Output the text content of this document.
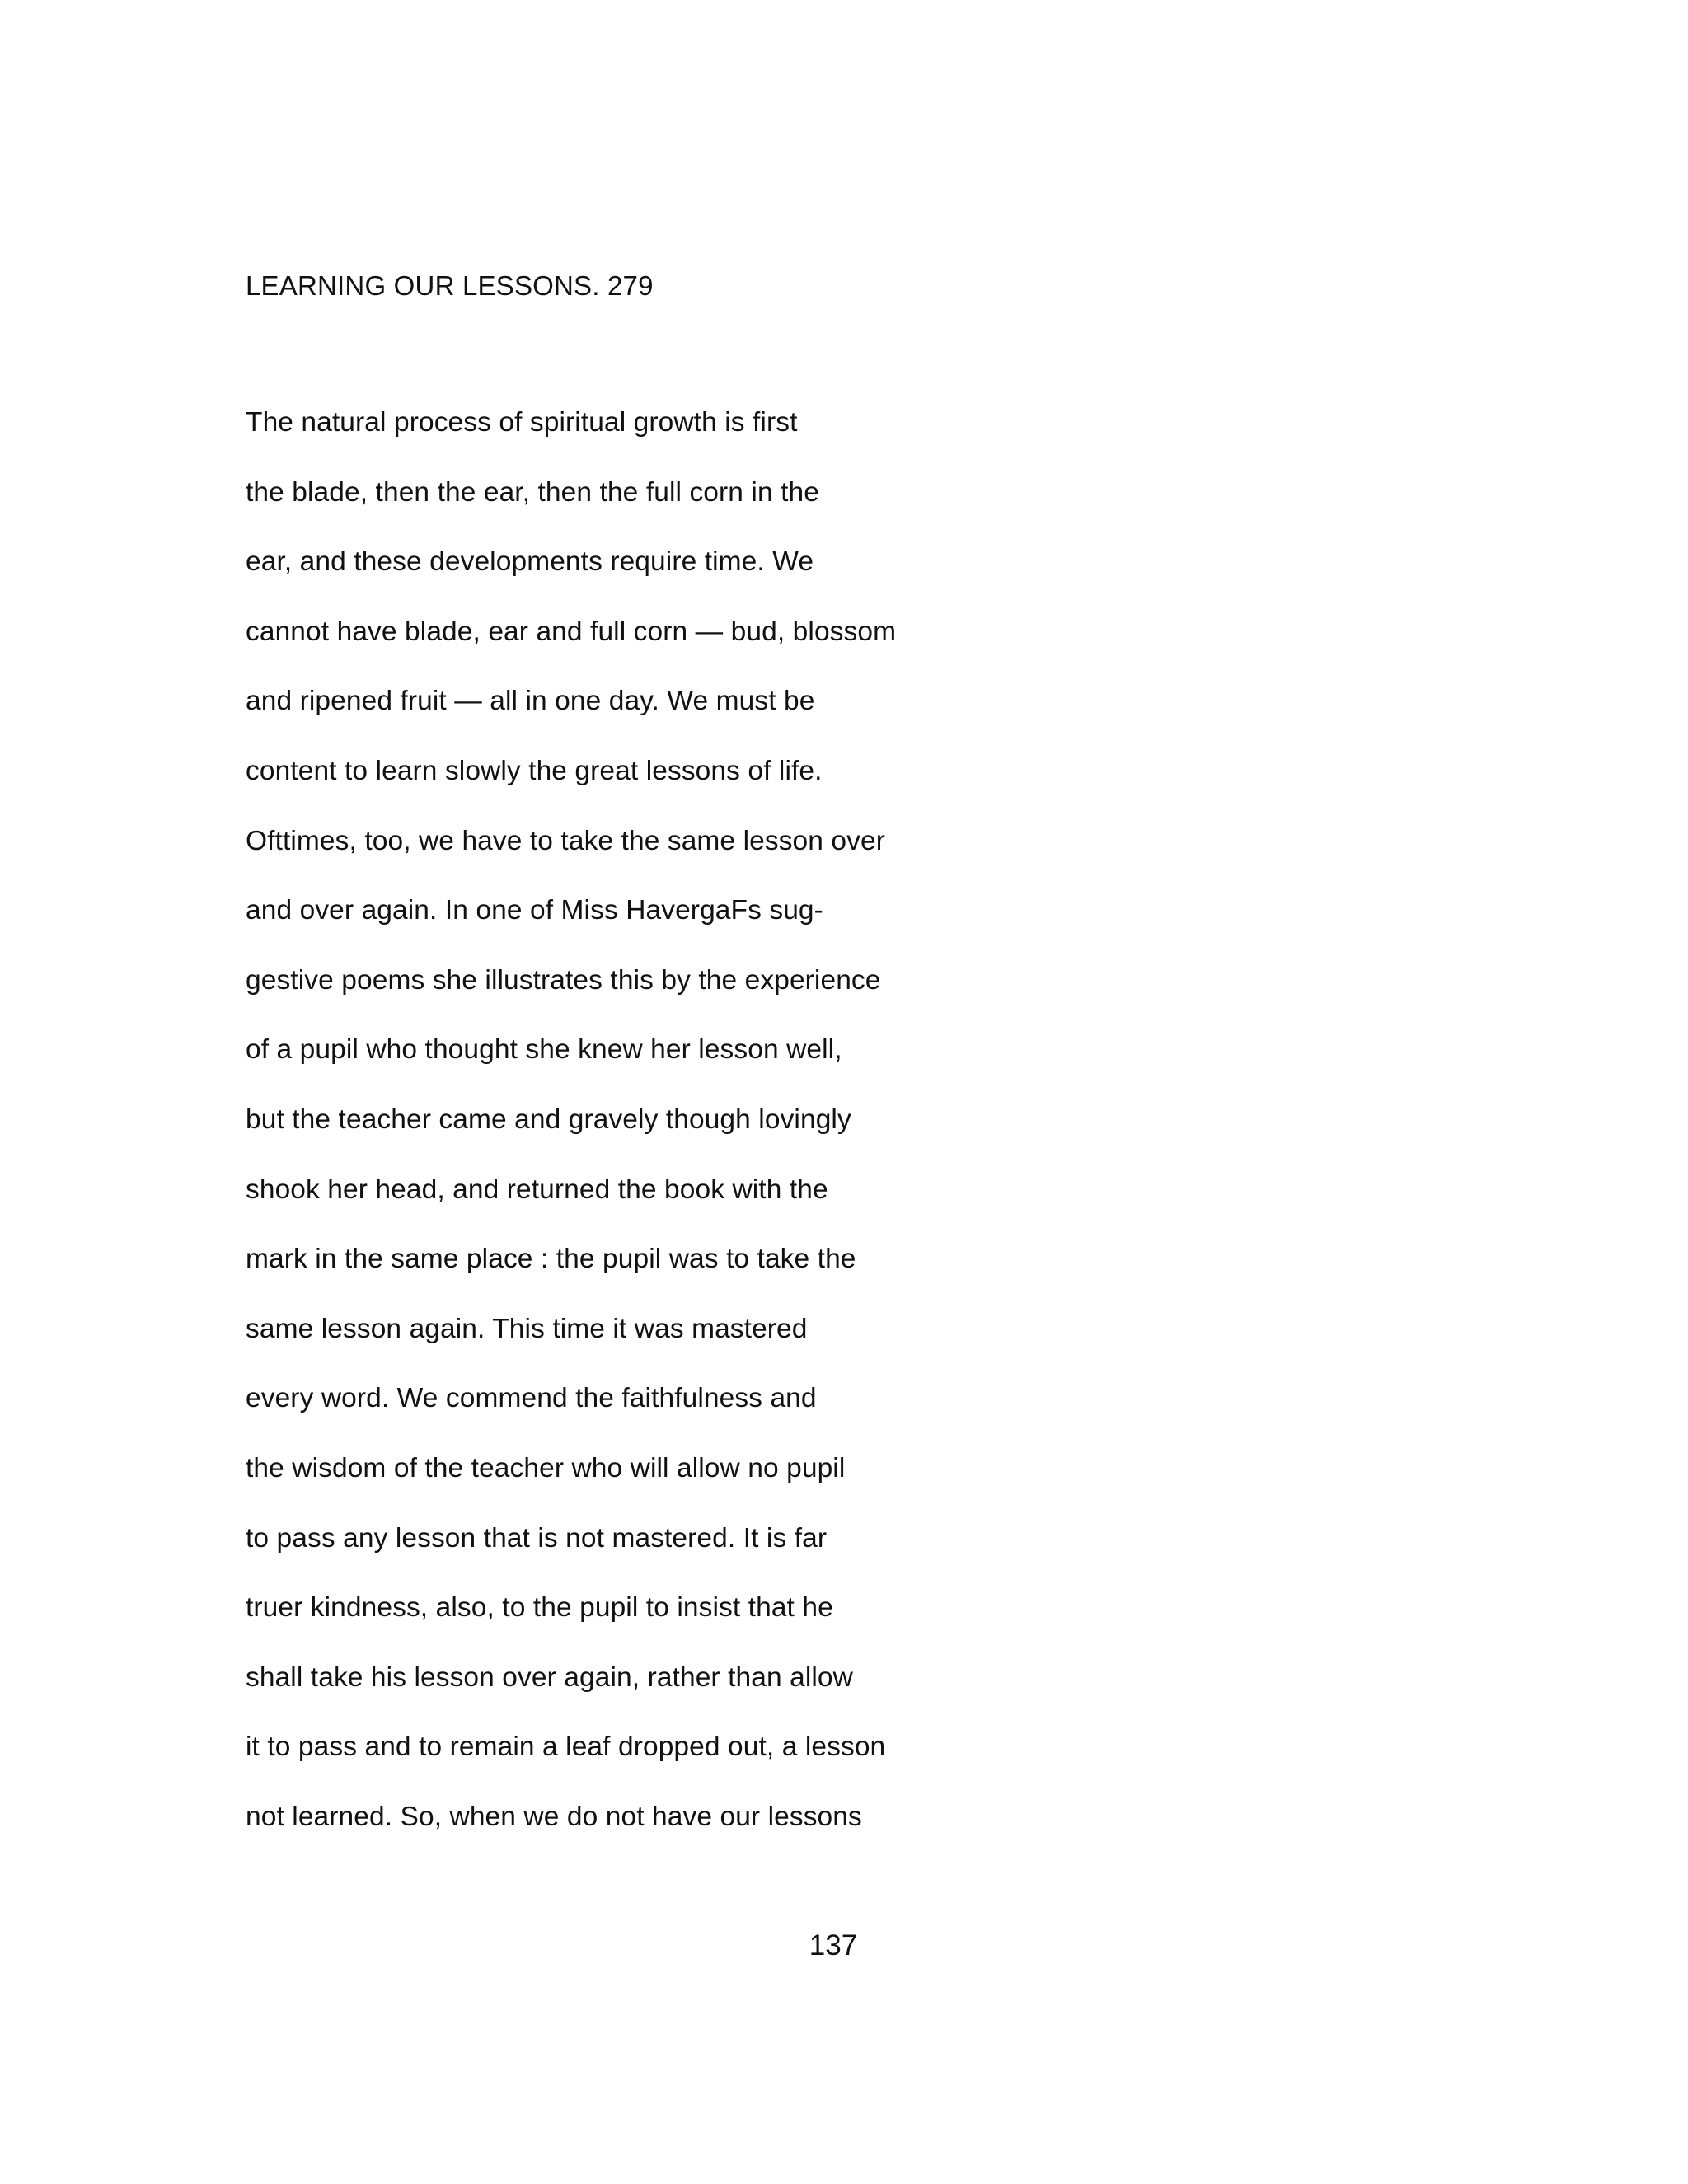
LEARNING OUR LESSONS. 279
The natural process of spiritual growth is first
the blade, then the ear, then the full corn in the
ear, and these developments require time. We
cannot have blade, ear and full corn — bud, blossom
and ripened fruit — all in one day. We must be
content to learn slowly the great lessons of life.
Ofttimes, too, we have to take the same lesson over
and over again. In one of Miss HavergaFs sug-
gestive poems she illustrates this by the experience
of a pupil who thought she knew her lesson well,
but the teacher came and gravely though lovingly
shook her head, and returned the book with the
mark in the same place : the pupil was to take the
same lesson again. This time it was mastered
every word. We commend the faithfulness and
the wisdom of the teacher who will allow no pupil
to pass any lesson that is not mastered. It is far
truer kindness, also, to the pupil to insist that he
shall take his lesson over again, rather than allow
it to pass and to remain a leaf dropped out, a lesson
not learned. So, when we do not have our lessons
137
